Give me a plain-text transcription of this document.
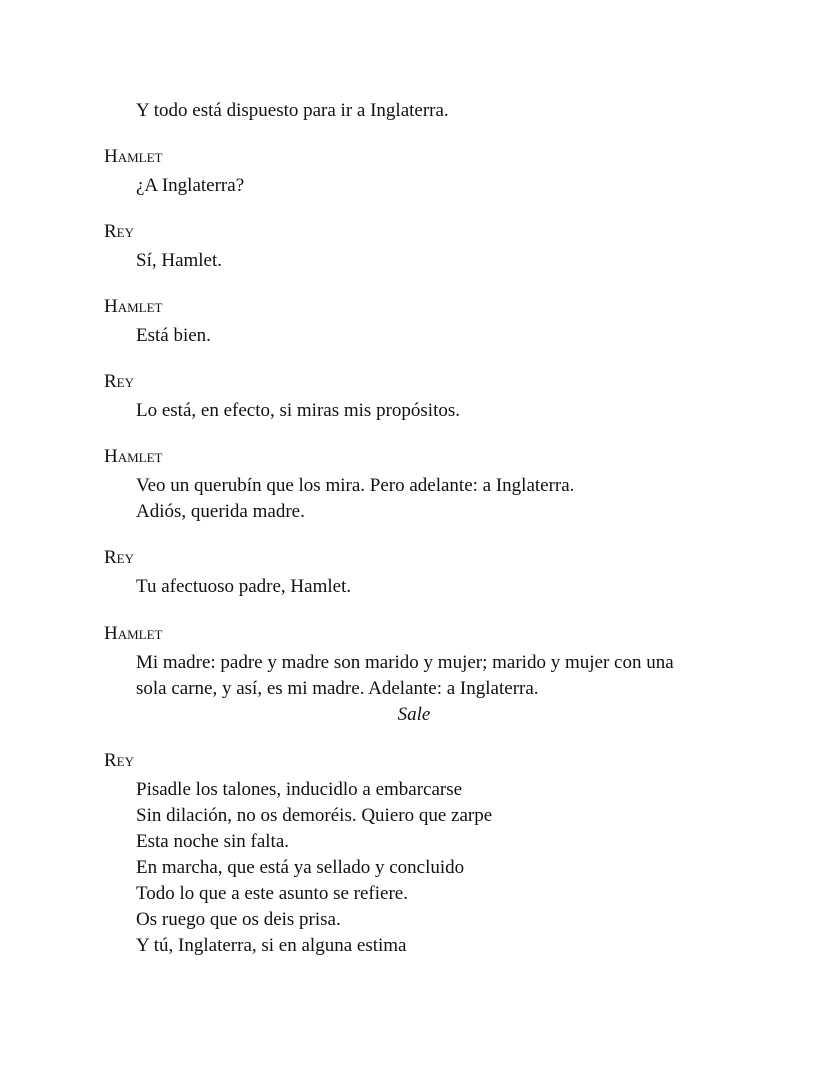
Y todo está dispuesto para ir a Inglaterra.
Hamlet
¿A Inglaterra?
Rey
Sí, Hamlet.
Hamlet
Está bien.
Rey
Lo está, en efecto, si miras mis propósitos.
Hamlet
Veo un querubín que los mira. Pero adelante: a Inglaterra.
Adiós, querida madre.
Rey
Tu afectuoso padre, Hamlet.
Hamlet
Mi madre: padre y madre son marido y mujer; marido y mujer con una
sola carne, y así, es mi madre. Adelante: a Inglaterra.
Sale
Rey
Pisadle los talones, inducidlo a embarcarse
Sin dilación, no os demoréis. Quiero que zarpe
Esta noche sin falta.
En marcha, que está ya sellado y concluido
Todo lo que a este asunto se refiere.
Os ruego que os deis prisa.
Y tú, Inglaterra, si en alguna estima
